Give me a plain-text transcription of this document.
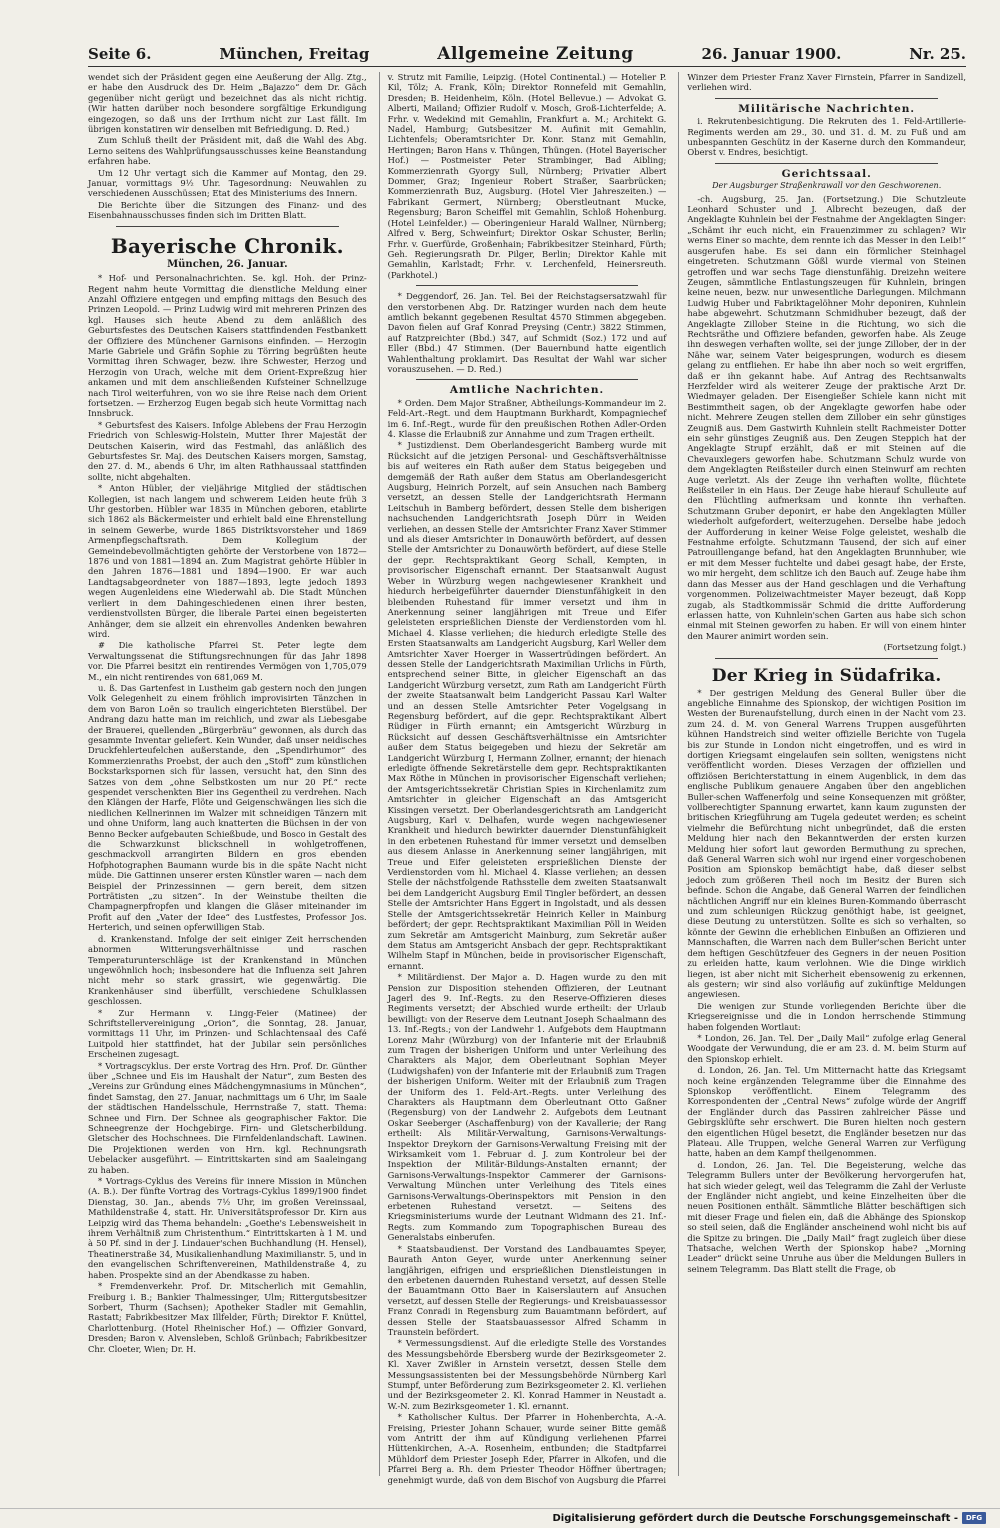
Seite 6.	München, Freitag	Allgemeine Zeitung	26. Januar 1900.	Nr. 25.

wendet sich der Präsident gegen eine Aeußerung der Allg. Ztg., er habe den Ausdruck des Dr. Heim „Bajazzo“ dem Dr. Gäch gegenüber nicht gerügt und bezeichnet das als nicht richtig. (Wir hatten darüber noch besondere sorgfältige Erkundigung eingezogen, so daß uns der Irrthum nicht zur Last fällt. Im übrigen konstatiren wir denselben mit Befriedigung. D. Red.)

Zum Schluß theilt der Präsident mit, daß die Wahl des Abg. Lerno seitens des Wahlprüfungsausschusses keine Beanstandung erfahren habe.

Um 12 Uhr vertagt sich die Kammer auf Montag, den 29. Januar, vormittags 9½ Uhr. Tagesordnung: Neuwahlen zu verschiedenen Ausschüssen; Etat des Ministeriums des Innern.

Die Berichte über die Sitzungen des Finanz- und des Eisenbahnausschusses finden sich im Dritten Blatt.

Bayerische Chronik.
München, 26. Januar.

* Hof- und Personalnachrichten. Se. kgl. Hoh. der Prinz-Regent nahm heute Vormittag die dienstliche Meldung einer Anzahl Offiziere entgegen und empfing mittags den Besuch des Prinzen Leopold. — Prinz Ludwig wird mit mehreren Prinzen des kgl. Hauses sich heute Abend zu dem anläßlich des Geburtsfestes des Deutschen Kaisers stattfindenden Festbankett der Offiziere des Münchener Garnisons einfinden. — Herzogin Marie Gabriele und Gräfin Sophie zu Törring begrüßten heute Vormittag ihren Schwager, bezw. ihre Schwester, Herzog und Herzogin von Urach, welche mit dem Orient-Expreßzug hier ankamen und mit dem anschließenden Kufsteiner Schnellzuge nach Tirol weiterfuhren, von wo sie ihre Reise nach dem Orient fortsetzen. — Erzherzog Eugen begab sich heute Vormittag nach Innsbruck.

* Geburtsfest des Kaisers. Infolge Ablebens der Frau Herzogin Friedrich von Schleswig-Holstein, Mutter Ihrer Majestät der Deutschen Kaiserin, wird das Festmahl, das anläßlich des Geburtsfestes Sr. Maj. des Deutschen Kaisers morgen, Samstag, den 27. d. M., abends 6 Uhr, im alten Rathhaussaal stattfinden sollte, nicht abgehalten.

* Anton Hübler, der vieljährige Mitglied der städtischen Kollegien, ist nach langem und schwerem Leiden heute früh 3 Uhr gestorben. Hübler war 1835 in München geboren, etablirte sich 1862 als Bäckermeister und erhielt bald eine Ehrenstellung in seinem Gewerbe, wurde 1865 Distriktsvorsteher und 1869 Armenpflegschaftsrath. Dem Kollegium der Gemeindebevollmächtigten gehörte der Verstorbene von 1872—1876 und von 1881—1894 an. Zum Magistrat gehörte Hübler in den Jahren 1876—1881 und 1894—1900. Er war auch Landtagsabgeordneter von 1887—1893, legte jedoch 1893 wegen Augenleidens eine Wiederwahl ab. Die Stadt München verliert in dem Dahingeschiedenen einen ihrer besten, verdienstvollsten Bürger, die liberale Partei einen begeisterten Anhänger, dem sie allzeit ein ehrenvolles Andenken bewahren wird.

# Die katholische Pfarrei St. Peter legte dem Verwaltungssenat die Stiftungsrechnungen für das Jahr 1898 vor. Die Pfarrei besitzt ein rentirendes Vermögen von 1,705,079 M., ein nicht rentirendes von 681,069 M.

u. ß. Das Gartenfest in Lustheim gab gestern noch den jungen Volk Gelegenheit zu einem fröhlich improvisirten Tänzchen in dem von Baron Loën so traulich eingerichteten Bierstübel. Der Andrang dazu hatte man im reichlich, und zwar als Liebesgabe der Brauerei, quellenden „Bürgerbräu“ gewonnen, als durch das gesammte Inventar geliefert. Kein Wunder, daß unser neidisches Druckfehlerteufelchen außerstande, den „Spendirhumor“ des Kommerzienraths Proebst, der auch den „Stoff“ zum künstlichen Bockstarkspornen sich für lassen, versucht hat, den Sinn des Satzes von dem „ohne Selbstkosten um nur 20 Pf.“ recte gespendet verschenkten Bier ins Gegentheil zu verdrehen. Nach den Klängen der Harfe, Flöte und Geigenschwängen lies sich die niedlichen Kellnerinnen im Walzer mit schneidigen Tänzern mit und ohne Uniform, lang auch knatterten die Büchsen in der von Benno Becker aufgebauten Schießbude, und Bosco in Gestalt des die Schwarzkunst blickschnell in wohlgetroffenen, geschmackvoll arrangirten Bildern en gros ebenden Hofphotographen Baumann wurde bis in die späte Nacht nicht müde. Die Gattinnen unserer ersten Künstler waren — nach dem Beispiel der Prinzessinnen — gern bereit, dem sitzen Porträtisten „zu sitzen“. In der Weinstube theilten die Champagnerpfropfen und klangen die Gläser miteinander im Profit auf den „Vater der Idee“ des Lustfestes, Professor Jos. Herterich, und seinen opferwilligen Stab.

d. Krankenstand. Infolge der seit einiger Zeit herrschenden abnormen Witterungsverhältnisse und raschen Temperaturunterschläge ist der Krankenstand in München ungewöhnlich hoch; insbesondere hat die Influenza seit Jahren nicht mehr so stark grassirt, wie gegenwärtig. Die Krankenhäuser sind überfüllt, verschiedene Schulklassen geschlossen.

* Zur Hermann v. Lingg-Feier (Matinee) der Schriftstellervereinigung „Orion“, die Sonntag, 28. Januar, vormittags 11 Uhr, im Prinzen- und Schlachtensaal des Café Luitpold hier stattfindet, hat der Jubilar sein persönliches Erscheinen zugesagt.

* Vortragscyklus. Der erste Vortrag des Hrn. Prof. Dr. Günther über „Schnee und Eis im Haushalt der Natur“, zum Besten des „Vereins zur Gründung eines Mädchengymnasiums in München“, findet Samstag, den 27. Januar, nachmittags um 6 Uhr, im Saale der städtischen Handelsschule, Herrnstraße 7, statt. Thema: Schnee und Firn. Der Schnee als geographischer Faktor. Die Schneegrenze der Hochgebirge. Firn- und Gletscherbildung. Gletscher des Hochschnees. Die Firnfeldenlandschaft. Lawinen. Die Projektionen werden von Hrn. kgl. Rechnungsrath Uebelacker ausgeführt. — Eintrittskarten sind am Saaleingang zu haben.

* Vortrags-Cyklus des Vereins für innere Mission in München (A. B.). Der fünfte Vortrag des Vortrags-Cyklus 1899/1900 findet Dienstag, 30. Jan., abends 7½ Uhr, im großen Vereinssaal, Mathildenstraße 4, statt. Hr. Universitätsprofessor Dr. Kirn aus Leipzig wird das Thema behandeln: „Goethe's Lebensweisheit in ihrem Verhältniß zum Christenthum.“ Eintrittskarten à 1 M. und à 50 Pf. sind in der J. Lindauer'schen Buchhandlung (H. Hensel), Theatinerstraße 34, Musikalienhandlung Maximilianstr. 5, und in den evangelischen Schriftenvereinen, Mathildenstraße 4, zu haben. Prospekte sind an der Abendkasse zu haben.

* Fremdenverkehr. Prof. Dr. Mitscherlich mit Gemahlin, Freiburg i. B.; Bankier Thalmessinger, Ulm; Rittergutsbesitzer Sorbert, Thurm (Sachsen); Apotheker Stadler mit Gemahlin, Rastatt; Fabrikbesitzer Max Illfelder, Fürth; Direktor F. Knüttel, Charlottenburg. (Hotel Rheinischer Hof.) — Offizier Gonvard, Dresden; Baron v. Alvensleben, Schloß Grünbach; Fabrikbesitzer Chr. Cloeter, Wien; Dr. H.

v. Strutz mit Familie, Leipzig. (Hotel Continental.) — Hotelier P. Kil, Tölz; A. Frank, Köln; Direktor Ronnefeld mit Gemahlin, Dresden; B. Heidenheim, Köln. (Hotel Bellevue.) — Advokat G. Alberti, Mailand; Offizier Rudolf v. Mosch, Groß-Lichterfelde; A. Frhr. v. Wedekind mit Gemahlin, Frankfurt a. M.; Architekt G. Nadel, Hamburg; Gutsbesitzer M. Aufinit mit Gemahlin, Lichtenfels; Oberamtsrichter Dr. Konr. Stanz mit Gemahlin, Hertingen; Baron Hans v. Thüngen, Thüngen. (Hotel Bayerischer Hof.) — Postmeister Peter Strambinger, Bad Aibling; Kommerzienrath Gyorgy Sull, Nürnberg; Privatier Albert Dommer, Graz; Ingenieur Robert Straßer, Saarbrücken; Kommerzienrath Buz, Augsburg. (Hotel Vier Jahreszeiten.) — Fabrikant Germert, Nürnberg; Oberstleutnant Mucke, Regensburg; Baron Scheiffel mit Gemahlin, Schloß Hohenburg. (Hotel Leinfelder.) — Oberingenieur Harald Wallner, Nürnberg; Alfred v. Berg, Schweinfurt; Direktor Oskar Schuster, Berlin; Frhr. v. Guerfürde, Großenhain; Fabrikbesitzer Steinhard, Fürth; Geh. Regierungsrath Dr. Pilger, Berlin; Direktor Kahle mit Gemahlin, Karlstadt; Frhr. v. Lerchenfeld, Heinersreuth. (Parkhotel.)

* Deggendorf, 26. Jan. Tel. Bei der Reichstagsersatzwahl für den verstorbenen Abg. Dr. Ratzinger wurden nach dem heute amtlich bekannt gegebenen Resultat 4570 Stimmen abgegeben. Davon fielen auf Graf Konrad Preysing (Centr.) 3822 Stimmen, auf Ratzpreichter (Bbd.) 347, auf Schmidt (Soz.) 172 und auf Eller (Bbd.) 47 Stimmen. (Der Bauernbund hatte eigentlich Wahlenthaltung proklamirt. Das Resultat der Wahl war sicher vorauszusehen. — D. Red.)

Amtliche Nachrichten.

* Orden. Dem Major Straßner, Abtheilungs-Kommandeur im 2. Feld-Art.-Regt. und dem Hauptmann Burkhardt, Kompagniechef im 6. Inf.-Regt., wurde für den preußischen Rothen Adler-Orden 4. Klasse die Erlaubniß zur Annahme und zum Tragen ertheilt.

* Justizdienst. Dem Oberlandesgericht Bamberg wurde mit Rücksicht auf die jetzigen Personal- und Geschäftsverhältnisse bis auf weiteres ein Rath außer dem Status beigegeben und demgemäß der Rath außer dem Status am Oberlandesgericht Augsburg, Heinrich Porzelt, auf sein Ansuchen nach Bamberg versetzt, an dessen Stelle der Landgerichtsrath Hermann Leitschuh in Bamberg befördert, dessen Stelle dem bisherigen nachsuchenden Landgerichtsrath Joseph Dürr in Weiden verliehen, an dessen Stelle der Amtsrichter Franz Xaver Stimmer und als dieser Amtsrichter in Donauwörth befördert, auf dessen Stelle der Amtsrichter zu Donauwörth befördert, auf diese Stelle der gepr. Rechtspraktikant Georg Schall, Kempten, in provisorischer Eigenschaft ernannt. Der Staatsanwalt August Weber in Würzburg wegen nachgewiesener Krankheit und hiedurch herbeigeführter dauernder Dienstunfähigkeit in den bleibenden Ruhestand für immer versetzt und ihm in Anerkennung seiner langjährigen mit Treue und Eifer geleisteten ersprießlichen Dienste der Verdienstorden vom hl. Michael 4. Klasse verliehen; die hiedurch erledigte Stelle des Ersten Staatsanwalts am Landgericht Augsburg, Karl Weller dem Amtsrichter Xaver Hoerger in Wassertrüdingen befördert. An dessen Stelle der Landgerichtsrath Maximilian Urlichs in Fürth, entsprechend seiner Bitte, in gleicher Eigenschaft an das Landgericht Würzburg versetzt, zum Rath am Landgericht Fürth der zweite Staatsanwalt beim Landgericht Passau Karl Walter und an dessen Stelle Amtsrichter Peter Vogelgsang in Regensburg befördert, auf die gepr. Rechtspraktikant Albert Rüdiger in Fürth ernannt; ein Amtsgericht Würzburg in Rücksicht auf dessen Geschäftsverhältnisse ein Amtsrichter außer dem Status beigegeben und hiezu der Sekretär am Landgericht Würzburg I, Hermann Zollner, ernannt; der hienach erledigte öffnende Sekretärstelle dem gepr. Rechtspraktikanten Max Röthe in München in provisorischer Eigenschaft verliehen; der Amtsgerichtssekretär Christian Spies in Kirchenlamitz zum Amtsrichter in gleicher Eigenschaft an das Amtsgericht Kissingen versetzt. Der Oberlandesgerichtsrath am Landgericht Augsburg, Karl v. Delhafen, wurde wegen nachgewiesener Krankheit und hiedurch bewirkter dauernder Dienstunfähigkeit in den erbetenen Ruhestand für immer versetzt und demselben aus diesem Anlasse in Anerkennung seiner langjährigen, mit Treue und Eifer geleisteten ersprießlichen Dienste der Verdienstorden vom hl. Michael 4. Klasse verliehen; an dessen Stelle der nächstfolgende Rathsstelle dem zweiten Staatsanwalt bei dem Landgericht Augsburg Emil Tingler befördert, an dessen Stelle der Amtsrichter Hans Eggert in Ingolstadt, und als dessen Stelle der Amtsgerichtssekretär Heinrich Keller in Mainburg befördert; der gepr. Rechtspraktikant Maximilian Pöll in Weiden zum Sekretär am Amtsgericht Mainburg, zum Sekretär außer dem Status am Amtsgericht Ansbach der gepr. Rechtspraktikant Wilhelm Stapf in München, beide in provisorischer Eigenschaft, ernannt.

* Militärdienst. Der Major a. D. Hagen wurde zu den mit Pension zur Disposition stehenden Offizieren, der Leutnant Jagerl des 9. Inf.-Regts. zu den Reserve-Offizieren dieses Regiments versetzt; der Abschied wurde ertheilt: der Urlaub bewilligt: von der Reserve dem Leutnant Joseph Schaalmann des 13. Inf.-Regts.; von der Landwehr 1. Aufgebots dem Hauptmann Lorenz Mahr (Würzburg) von der Infanterie mit der Erlaubniß zum Tragen der bisherigen Uniform und unter Verleihung des Charakters als Major, dem Oberleutnant Sophian Meyer (Ludwigshafen) von der Infanterie mit der Erlaubniß zum Tragen der bisherigen Uniform. Weiter mit der Erlaubniß zum Tragen der Uniform des 1. Feld-Art.-Regts. unter Verleihung des Charakters als Hauptmann dem Oberleutnant Otto Gaßner (Regensburg) von der Landwehr 2. Aufgebots dem Leutnant Oskar Seeberger (Aschaffenburg) von der Kavallerie; der Rang ertheilt: Als Militär-Verwaltung, Garnisons-Verwaltungs-Inspektor Dreykorn der Garnisons-Verwaltung Freising mit der Wirksamkeit vom 1. Februar d. J. zum Kontroleur bei der Inspektion der Militär-Bildungs-Anstalten ernannt; der Garnisons-Verwaltungs-Inspektor Cammerer der Garnisons-Verwaltung München unter Verleihung des Titels eines Garnisons-Verwaltungs-Oberinspektors mit Pension in den erbetenen Ruhestand versetzt. — Seitens des Kriegsministeriums wurde der Leutnant Widmann des 21. Inf.-Regts. zum Kommando zum Topographischen Bureau des Generalstabs einberufen.

* Staatsbaudienst. Der Vorstand des Landbauamtes Speyer, Baurath Anton Geyer, wurde unter Anerkennung seiner langjährigen, eifrigen und ersprießlichen Dienstleistungen in den erbetenen dauernden Ruhestand versetzt, auf dessen Stelle der Bauamtmann Otto Baer in Kaiserslautern auf Ansuchen versetzt, auf dessen Stelle der Regierungs- und Kreisbauassessor Franz Conradi in Regensburg zum Bauamtmann befördert, auf dessen Stelle der Staatsbauassessor Alfred Schamm in Traunstein befördert.

* Vermessungsdienst. Auf die erledigte Stelle des Vorstandes des Messungsbehörde Ebersberg wurde der Bezirksgeometer 2. Kl. Xaver Zwißler in Arnstein versetzt, dessen Stelle dem Messungsassistenten bei der Messungsbehörde Nürnberg Karl Stumpf, unter Beförderung zum Bezirksgeometer 2. Kl. verliehen und der Bezirksgeometer 2. Kl. Konrad Hammer in Neustadt a. W.-N. zum Bezirksgeometer 1. Kl. ernannt.

* Katholischer Kultus. Der Pfarrer in Hohenberchta, A.-A. Freising, Priester Johann Schauer, wurde seiner Bitte gemäß vom Antritt der ihm auf Kündigung verliehenen Pfarrei Hüttenkirchen, A.-A. Rosenheim, entbunden; die Stadtpfarrei Mühldorf dem Priester Joseph Eder, Pfarrer in Alkofen, und die Pfarrei Berg a. Rh. dem Priester Theodor Höffner übertragen; genehmigt wurde, daß von dem Bischof von Augsburg die Pfarrei

Winzer dem Priester Franz Xaver Firnstein, Pfarrer in Sandizell, verliehen wird.

Militärische Nachrichten.

i. Rekrutenbesichtigung. Die Rekruten des 1. Feld-Artillerie-Regiments werden am 29., 30. und 31. d. M. zu Fuß und am unbespannten Geschütz in der Kaserne durch den Kommandeur, Oberst v. Endres, besichtigt.

Gerichtssaal.
Der Augsburger Straßenkrawall vor den Geschworenen.

-ch. Augsburg, 25. Jan. (Fortsetzung.) Die Schutzleute Leonhard Schuster und J. Albrecht bezeugen, daß der Angeklagte Kuhnlein bei der Festnahme der Angeklagten Singer: „Schämt ihr euch nicht, ein Frauenzimmer zu schlagen? Wir werns Einer so machte, dem rennte ich das Messer in den Leib!“ ausgerufen habe. Es sei dann ein förmlicher Steinhagel eingetreten. Schutzmann Gößl wurde viermal von Steinen getroffen und war sechs Tage dienstunfähig. Dreizehn weitere Zeugen, sämmtliche Entlastungszeugen für Kuhnlein, bringen keine neuen, bezw. nur unwesentliche Darlegungen. Milchmann Ludwig Huber und Fabriktagelöhner Mohr deponiren, Kuhnlein habe abgewehrt. Schutzmann Schmidhuber bezeugt, daß der Angeklagte Zillober Steine in die Richtung, wo sich die Rechtsräthe und Offiziere befanden, geworfen habe. Als Zeuge ihn deswegen verhaften wollte, sei der junge Zillober, der in der Nähe war, seinem Vater beigesprungen, wodurch es diesem gelang zu entfliehen. Er habe ihn aber noch so weit ergriffen, daß er ihn gekannt habe. Auf Antrag des Rechtsanwalts Herzfelder wird als weiterer Zeuge der praktische Arzt Dr. Wiedmayer geladen. Der Eisengießer Schiele kann nicht mit Bestimmtheit sagen, ob der Angeklagte geworfen habe oder nicht. Mehrere Zeugen stellen dem Zillober ein sehr günstiges Zeugniß aus. Dem Gastwirth Kuhnlein stellt Rachmeister Dotter ein sehr günstiges Zeugniß aus. Den Zeugen Steppich hat der Angeklagte Strupf erzählt, daß er mit Steinen auf die Chevauxlegers geworfen habe. Schutzmann Schulz wurde von dem Angeklagten Reißsteiler durch einen Steinwurf am rechten Auge verletzt. Als der Zeuge ihn verhaften wollte, flüchtete Reißsteiler in ein Haus. Der Zeuge habe hierauf Schulleute auf den Flüchtling aufmerksam und konnte ihn verhaften. Schutzmann Gruber deponirt, er habe den Angeklagten Müller wiederholt aufgefordert, weiterzugehen. Derselbe habe jedoch der Aufforderung in keiner Weise Folge geleistet, weshalb die Festnahme erfolgte. Schutzmann Tausend, der sich auf einer Patrouillengange befand, hat den Angeklagten Brunnhuber, wie er mit dem Messer fuchtelte und dabei gesagt habe, der Erste, wo mir hergeht, dem schlitze ich den Bauch auf. Zeuge habe ihm dann das Messer aus der Hand geschlagen und die Verhaftung vorgenommen. Polizeiwachtmeister Mayer bezeugt, daß Kopp zugab, als Stadtkommissär Schmid die dritte Aufforderung erlassen hatte, von Kuhnlein'schen Garten aus habe sich schon einmal mit Steinen geworfen zu haben. Er will von einem hinter den Maurer animirt worden sein.

(Fortsetzung folgt.)

Der Krieg in Südafrika.

* Der gestrigen Meldung des General Buller über die angebliche Einnahme des Spionskop, der wichtigen Position im Westen der Burenaufstellung, durch einen in der Nacht vom 23. zum 24. d. M. von General Warrens Truppen ausgeführten kühnen Handstreich sind weiter offizielle Berichte von Tugela bis zur Stunde in London nicht eingetroffen, und es wird in dortigen Kriegsamt eingelaufen sein sollten, wenigstens nicht veröffentlicht worden. Dieses Verzagen der offiziellen und offiziösen Berichterstattung in einem Augenblick, in dem das englische Publikum genauere Angaben über den angeblichen Buller-schen Waffenerfolg und seine Konsequenzen mit größter, vollberechtigter Spannung erwartet, kann kaum zugunsten der britischen Kriegführung am Tugela gedeutet werden; es scheint vielmehr die Befürchtung nicht unbegründet, daß die ersten Meldung hier nach den Bekanntwerden der ersten kurzen Meldung hier sofort laut geworden Bermuthung zu sprechen, daß General Warren sich wohl nur irgend einer vorgeschobenen Position am Spionskop bemächtigt habe, daß dieser selbst jedoch zum größeren Theil noch im Besitz der Buren sich befinde. Schon die Angabe, daß General Warren der feindlichen nächtlichen Angriff nur ein kleines Buren-Kommando überrascht und zum schleunigen Rückzug genöthigt habe, ist geeignet, diese Deutung zu unterstützen. Sollte es sich so verhalten, so könnte der Gewinn die erheblichen Einbußen an Offizieren und Mannschaften, die Warren nach dem Buller'schen Bericht unter dem heftigen Geschützfeuer des Gegners in der neuen Position zu erleiden hatte, kaum verlohnen. Wie die Dinge wirklich liegen, ist aber nicht mit Sicherheit ebensowenig zu erkennen, als gestern; wir sind also vorläufig auf zukünftige Meldungen angewiesen.

Die wenigen zur Stunde vorliegenden Berichte über die Kriegsereignisse und die in London herrschende Stimmung haben folgenden Wortlaut:

* London, 26. Jan. Tel. Der „Daily Mail“ zufolge erlag General Woodgate der Verwundung, die er am 23. d. M. beim Sturm auf den Spionskop erhielt.

d. London, 26. Jan. Tel. Um Mitternacht hatte das Kriegsamt noch keine ergänzenden Telegramme über die Einnahme des Spionskop veröffentlicht. Einem Telegramm des Korrespondenten der „Central News“ zufolge würde der Angriff der Engländer durch das Passiren zahlreicher Pässe und Gebirgsklüfte sehr erschwert. Die Buren hielten noch gestern den eigentlichen Hügel besetzt, die Engländer besetzen nur das Plateau. Alle Truppen, welche General Warren zur Verfügung hatte, haben an dem Kampf theilgenommen.

d. London, 26. Jan. Tel. Die Begeisterung, welche das Telegramm Bullers unter der Bevölkerung hervorgerufen hat, hat sich wieder gelegt, weil das Telegramm die Zahl der Verluste der Engländer nicht angiebt, und keine Einzelheiten über die neuen Positionen enthält. Sämmtliche Blätter beschäftigen sich mit dieser Frage und fielen ein, daß die Abhänge des Spionskop so steil seien, daß die Engländer anscheinend wohl nicht bis auf die Spitze zu bringen. Die „Daily Mail“ fragt zugleich über diese Thatsache, welchen Werth der Spionskop habe? „Morning Leader“ drückt seine Unruhe aus über die Meldungen Bullers in seinem Telegramm. Das Blatt stellt die Frage, ob

Digitalisierung gefördert durch die Deutsche Forschungsgemeinschaft - DFG
